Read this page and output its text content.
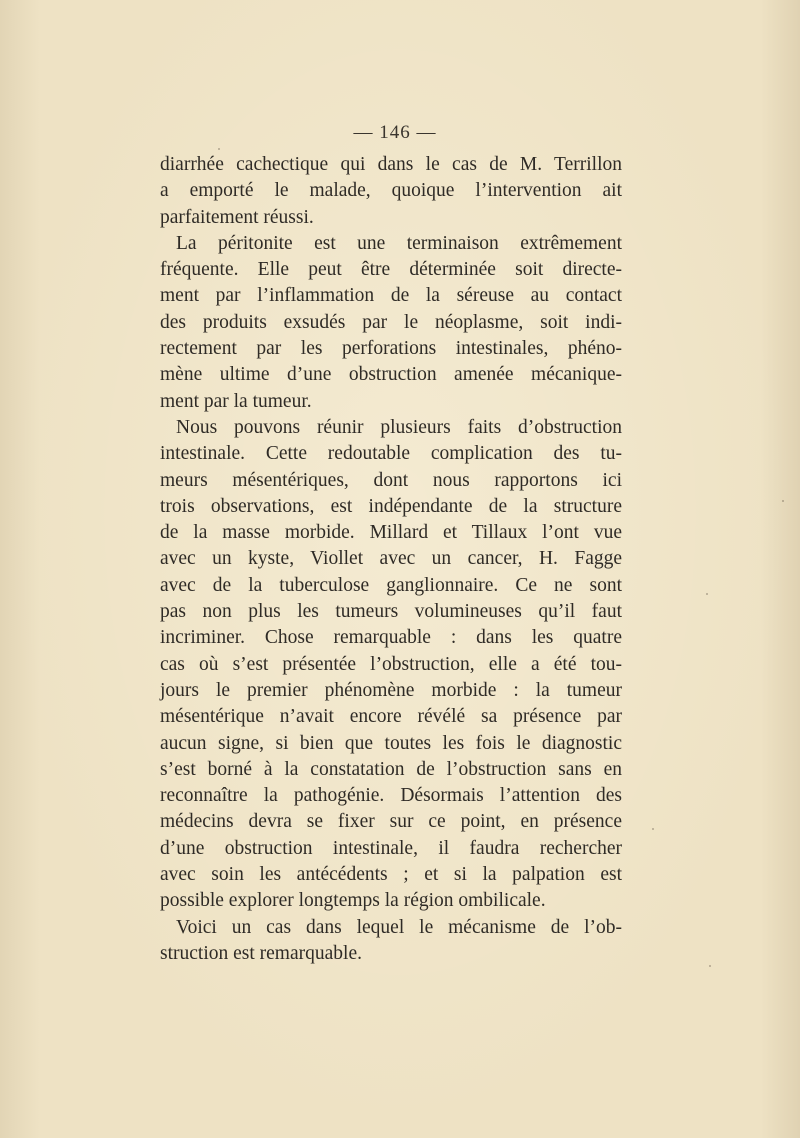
— 146 —
diarrhée cachectique qui dans le cas de M. Terrillon
a emporté le malade, quoique l’intervention ait
parfaitement réussi.
La péritonite est une terminaison extrêmement
fréquente. Elle peut être déterminée soit directe-
ment par l’inflammation de la séreuse au contact
des produits exsudés par le néoplasme, soit indi-
rectement par les perforations intestinales, phéno-
mène ultime d’une obstruction amenée mécanique-
ment par la tumeur.
Nous pouvons réunir plusieurs faits d’obstruction
intestinale. Cette redoutable complication des tu-
meurs mésentériques, dont nous rapportons ici
trois observations, est indépendante de la structure
de la masse morbide. Millard et Tillaux l’ont vue
avec un kyste, Viollet avec un cancer, H. Fagge
avec de la tuberculose ganglionnaire. Ce ne sont
pas non plus les tumeurs volumineuses qu’il faut
incriminer. Chose remarquable : dans les quatre
cas où s’est présentée l’obstruction, elle a été tou-
jours le premier phénomène morbide : la tumeur
mésentérique n’avait encore révélé sa présence par
aucun signe, si bien que toutes les fois le diagnostic
s’est borné à la constatation de l’obstruction sans en
reconnaître la pathogénie. Désormais l’attention des
médecins devra se fixer sur ce point, en présence
d’une obstruction intestinale, il faudra rechercher
avec soin les antécédents ; et si la palpation est
possible explorer longtemps la région ombilicale.
Voici un cas dans lequel le mécanisme de l’ob-
struction est remarquable.
